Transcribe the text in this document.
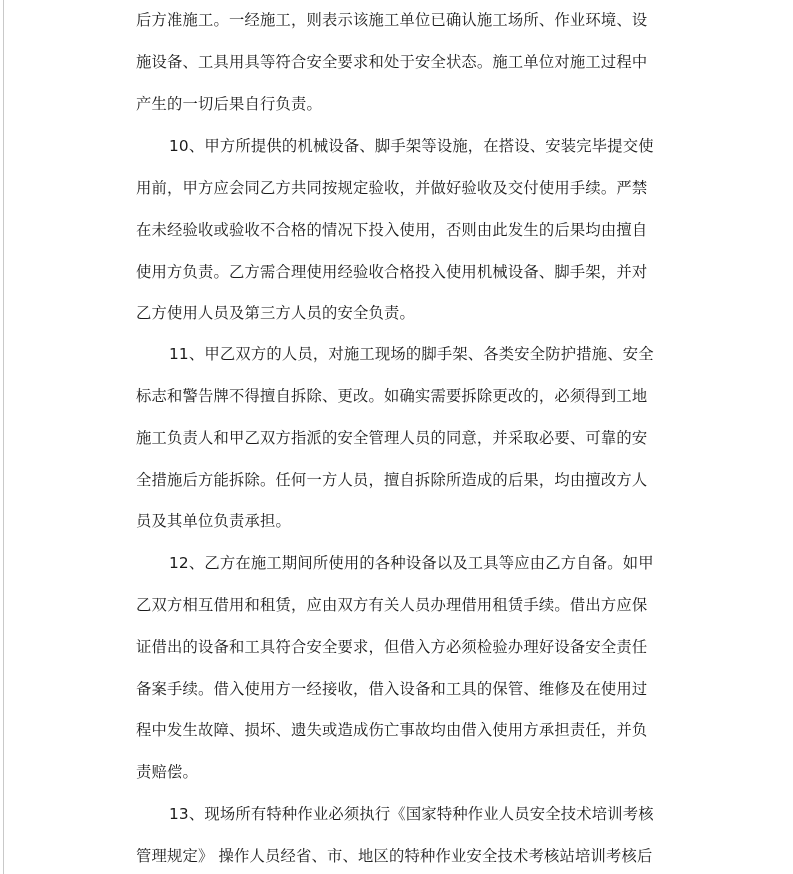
后方准施工。一经施工，则表示该施工单位已确认施工场所、作业环境、设
施设备、工具用具等符合安全要求和处于安全状态。施工单位对施工过程中
产生的一切后果自行负责。
10、甲方所提供的机械设备、脚手架等设施，在搭设、安装完毕提交使
用前，甲方应会同乙方共同按规定验收，并做好验收及交付使用手续。严禁
在未经验收或验收不合格的情况下投入使用，否则由此发生的后果均由擅自
使用方负责。乙方需合理使用经验收合格投入使用机械设备、脚手架，并对
乙方使用人员及第三方人员的安全负责。
11、甲乙双方的人员，对施工现场的脚手架、各类安全防护措施、安全
标志和警告牌不得擅自拆除、更改。如确实需要拆除更改的，必须得到工地
施工负责人和甲乙双方指派的安全管理人员的同意，并采取必要、可靠的安
全措施后方能拆除。任何一方人员，擅自拆除所造成的后果，均由擅改方人
员及其单位负责承担。
12、乙方在施工期间所使用的各种设备以及工具等应由乙方自备。如甲
乙双方相互借用和租赁，应由双方有关人员办理借用租赁手续。借出方应保
证借出的设备和工具符合安全要求，但借入方必须检验办理好设备安全责任
备案手续。借入使用方一经接收，借入设备和工具的保管、维修及在使用过
程中发生故障、损坏、遗失或造成伤亡事故均由借入使用方承担责任，并负
责赔偿。
13、现场所有特种作业必须执行《国家特种作业人员安全技术培训考核
管理规定》 操作人员经省、市、地区的特种作业安全技术考核站培训考核后
